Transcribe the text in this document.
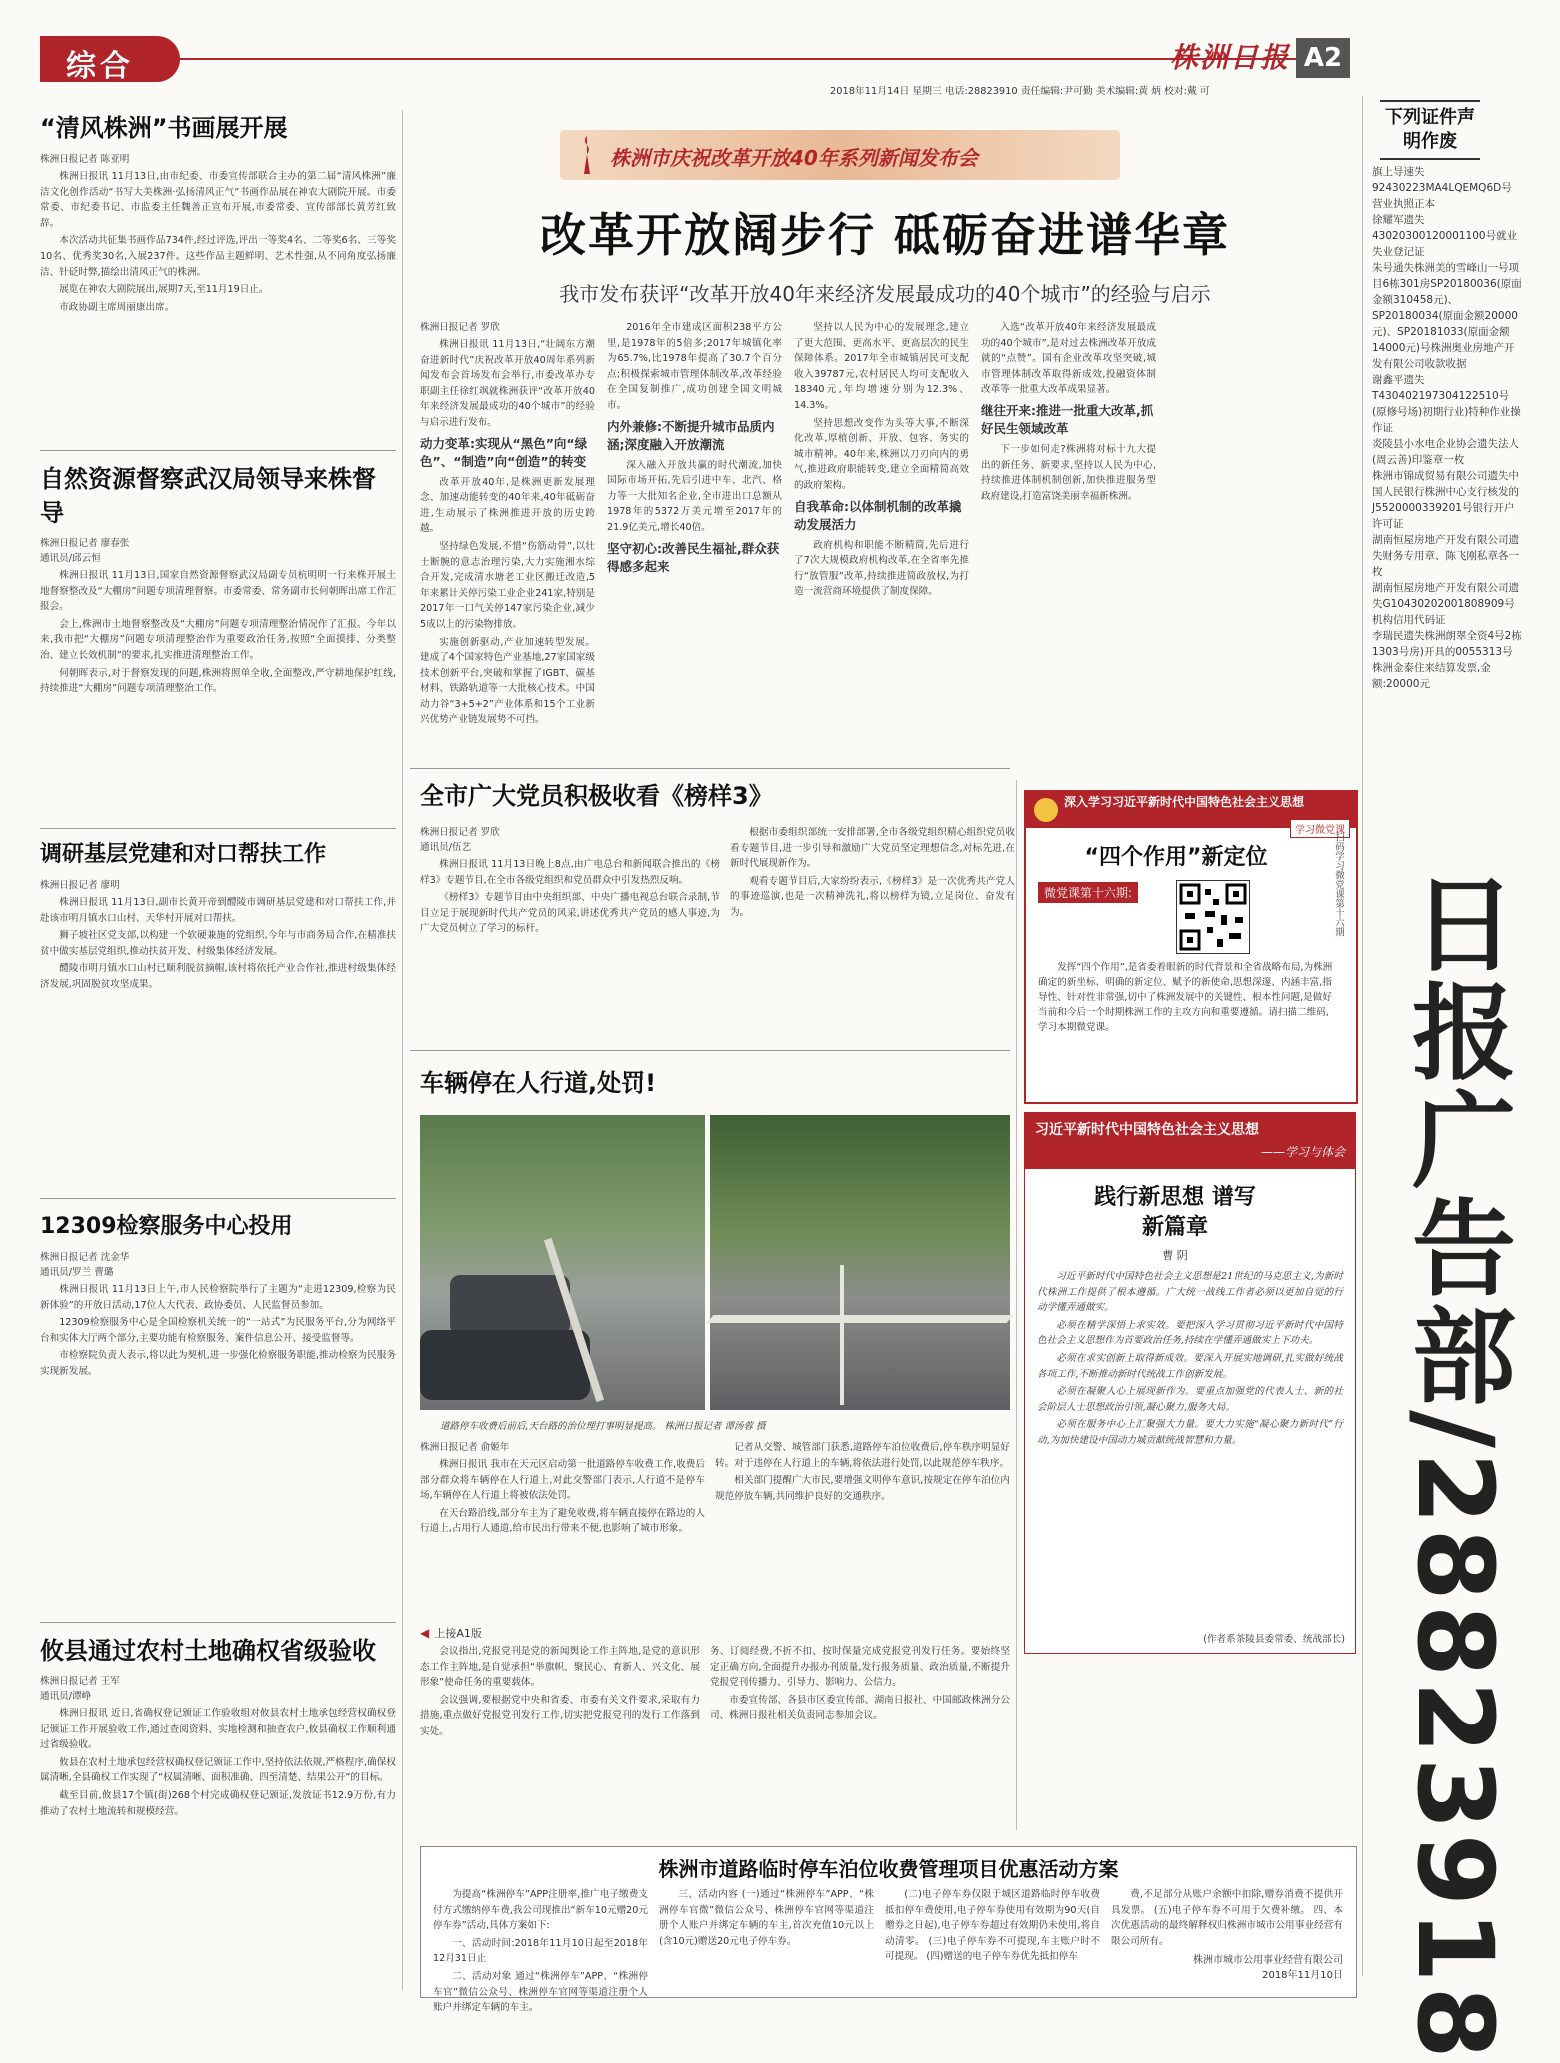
综合	株洲日报 A2
2018年11月14日 星期三 电话:28823910 责任编辑:尹可勤 美术编辑:黄 炳 校对:戴 可
“清风株洲”书画展开展

株洲日报记者 陈亚明

株洲日报讯 11月13日,由市纪委、市委宣传部联合主办的第二届“清风株洲”廉洁文化创作活动“书写大美株洲·弘扬清风正气”书画作品展在神农大剧院开展。市委常委、市纪委书记、市监委主任魏善正宣布开展,市委常委、宣传部部长黄芳红致辞。

本次活动共征集书画作品734件,经过评选,评出一等奖4名、二等奖6名、三等奖10名、优秀奖30名,入展237件。这些作品主题鲜明、艺术性强,从不同角度弘扬廉洁、针砭时弊,描绘出清风正气的株洲。

展览在神农大剧院展出,展期7天,至11月19日止。

市政协副主席周丽康出席。

自然资源督察武汉局领导来株督导

株洲日报记者 廖春张
通讯员/邱云恒

株洲日报讯 11月13日,国家自然资源督察武汉局副专员杭明明一行来株开展土地督察整改及“大棚房”问题专项清理督察。市委常委、常务副市长何朝晖出席工作汇报会。

会上,株洲市土地督察整改及“大棚房”问题专项清理整治情况作了汇报。今年以来,我市把“大棚房”问题专项清理整治作为重要政治任务,按照“全面摸排、分类整治、建立长效机制”的要求,扎实推进清理整治工作。

何朝晖表示,对于督察发现的问题,株洲将照单全收,全面整改,严守耕地保护红线,持续推进“大棚房”问题专项清理整治工作。

调研基层党建和对口帮扶工作

株洲日报记者 廖明

株洲日报讯 11月13日,副市长黄开帝到醴陵市调研基层党建和对口帮扶工作,并赴该市明月镇水口山村、天华村开展对口帮扶。

狮子坡社区党支部,以构建一个软硬兼施的党组织,今年与市商务局合作,在精准扶贫中做实基层党组织,推动扶贫开发、村级集体经济发展。

醴陵市明月镇水口山村已顺利脱贫摘帽,该村将依托产业合作社,推进村级集体经济发展,巩固脱贫攻坚成果。

12309检察服务中心投用

株洲日报记者 沈金华
通讯员/罗兰 曹璐

株洲日报讯 11月13日上午,市人民检察院举行了主题为“走进12309,检察为民新体验”的开放日活动,17位人大代表、政协委员、人民监督员参加。

12309检察服务中心是全国检察机关统一的“一站式”为民服务平台,分为网络平台和实体大厅两个部分,主要功能有检察服务、案件信息公开、接受监督等。

市检察院负责人表示,将以此为契机,进一步强化检察服务职能,推动检察为民服务实现新发展。

攸县通过农村土地确权省级验收

株洲日报记者 王军
通讯员/谭峥

株洲日报讯 近日,省确权登记颁证工作验收组对攸县农村土地承包经营权确权登记颁证工作开展验收工作,通过查阅资料、实地检测和抽查农户,攸县确权工作顺利通过省级验收。

攸县在农村土地承包经营权确权登记颁证工作中,坚持依法依规,严格程序,确保权属清晰,全县确权工作实现了“权属清晰、面积准确、四至清楚、结果公开”的目标。

截至目前,攸县17个镇(街)268个村完成确权登记颁证,发放证书12.9万份,有力推动了农村土地流转和规模经营。

株洲市庆祝改革开放40年系列新闻发布会
改革开放阔步行 砥砺奋进谱华章
我市发布获评“改革开放40年来经济发展最成功的40个城市”的经验与启示

株洲日报记者 罗欣

株洲日报讯 11月13日,“壮阔东方潮 奋进新时代”庆祝改革开放40周年系列新闻发布会首场发布会举行,市委改革办专职副主任徐红飒就株洲获评“改革开放40年来经济发展最成功的40个城市”的经验与启示进行发布。

动力变革:实现从“黑色”向“绿色”、“制造”向“创造”的转变

改革开放40年,是株洲更新发展理念、加速动能转变的40年来,40年砥砺奋进,生动展示了株洲推进开放的历史跨越。

坚持绿色发展,不惜“伤筋动骨”,以壮士断腕的意志治理污染,大力实施湘水综合开发,完成清水塘老工业区搬迁改造,5年来累计关停污染工业企业241家,特别是2017年一口气关停147家污染企业,减少5成以上的污染物排放。

实施创新驱动,产业加速转型发展。建成了4个国家特色产业基地,27家国家级技术创新平台,突破和掌握了IGBT、碳基材料、铁路轨道等一大批核心技术。中国动力谷“3+5+2”产业体系和15个工业新兴优势产业链发展势不可挡。

2016年全市建成区面积238平方公里,是1978年的5倍多;2017年城镇化率为65.7%,比1978年提高了30.7个百分点;积极探索城市管理体制改革,改革经验在全国复制推广,成功创建全国文明城市。

内外兼修:不断提升城市品质内涵;深度融入开放潮流

深入融入开放共赢的时代潮流,加快国际市场开拓,先后引进中车、北汽、格力等一大批知名企业,全市进出口总额从1978年的5372万美元增至2017年的21.9亿美元,增长40倍。

坚守初心:改善民生福祉,群众获得感多起来

坚持以人民为中心的发展理念,建立了更大范围、更高水平、更高层次的民生保障体系。2017年全市城镇居民可支配收入39787元,农村居民人均可支配收入18340元,年均增速分别为12.3%、14.3%。

坚持思想改变作为头等大事,不断深化改革,厚植创新、开放、包容、务实的城市精神。40年来,株洲以刀刃向内的勇气,推进政府职能转变,建立全面精简高效的政府架构。

自我革命:以体制机制的改革撬动发展活力

政府机构和职能不断精简,先后进行了7次大规模政府机构改革,在全省率先推行“放管服”改革,持续推进简政放权,为打造一流营商环境提供了制度保障。

入选“改革开放40年来经济发展最成功的40个城市”,是对过去株洲改革开放成就的“点赞”。国有企业改革攻坚突破,城市管理体制改革取得新成效,投融资体制改革等一批重大改革成果显著。

继往开来:推进一批重大改革,抓好民生领域改革

下一步如何走?株洲将对标十九大提出的新任务、新要求,坚持以人民为中心,持续推进体制机制创新,加快推进服务型政府建设,打造富饶美丽幸福新株洲。

全市广大党员积极收看《榜样3》

株洲日报记者 罗欣
通讯员/伍艺

株洲日报讯 11月13日晚上8点,由广电总台和新闻联合推出的《榜样3》专题节目,在全市各级党组织和党员群众中引发热烈反响。

《榜样3》专题节目由中央组织部、中央广播电视总台联合录制,节目立足于展现新时代共产党员的风采,讲述优秀共产党员的感人事迹,为广大党员树立了学习的标杆。

根据市委组织部统一安排部署,全市各级党组织精心组织党员收看专题节目,进一步引导和激励广大党员坚定理想信念,对标先进,在新时代展现新作为。

观看专题节目后,大家纷纷表示,《榜样3》是一次优秀共产党人的事迹巡演,也是一次精神洗礼,将以榜样为镜,立足岗位、奋发有为。

车辆停在人行道,处罚!
道路停车收费后前后,天台路的治位理打事明显提高。 株洲日报记者 谭汤蓉 摄

株洲日报记者 俞姬年

株洲日报讯 我市在天元区启动第一批道路停车收费工作,收费后部分群众将车辆停在人行道上,对此交警部门表示,人行道不是停车场,车辆停在人行道上将被依法处罚。

在天台路沿线,部分车主为了避免收费,将车辆直接停在路边的人行道上,占用行人通道,给市民出行带来不便,也影响了城市形象。

记者从交警、城管部门获悉,道路停车泊位收费后,停车秩序明显好转。对于违停在人行道上的车辆,将依法进行处罚,以此规范停车秩序。

相关部门提醒广大市民,要增强文明停车意识,按规定在停车泊位内规范停放车辆,共同维护良好的交通秩序。

◀ 上接A1版

会议指出,党报党刊是党的新闻舆论工作主阵地,是党的意识形态工作主阵地,是自觉承担“举旗帜、聚民心、育新人、兴文化、展形象”使命任务的重要载体。

会议强调,要根据党中央和省委、市委有关文件要求,采取有力措施,重点做好党报党刊发行工作,切实把党报党刊的发行工作落到实处。

务、订阅经费,不折不扣、按时保量完成党报党刊发行任务。要始终坚定正确方向,全面提升办报办刊质量,发行报务质量、政治质量,不断提升党报党刊传播力、引导力、影响力、公信力。

市委宣传部、各县市区委宣传部、湖南日报社、中国邮政株洲分公司、株洲日报社相关负责同志参加会议。

深入学习习近平新时代中国特色社会主义思想
学习微党课
“四个作用”新定位
微党课第十六期:
发挥“四个作用”,是省委着眼新的时代背景和全省战略布局,为株洲确定的新坐标、明确的新定位、赋予的新使命,思想深邃、内涵丰富,指导性、针对性非常强,切中了株洲发展中的关键性、根本性问题,是做好当前和今后一个时期株洲工作的主攻方向和重要遵循。请扫描二维码,学习本期微党课。
扫码学习微党课第十六期
习近平新时代中国特色社会主义思想
——学习与体会
践行新思想 谱写新篇章
曹 阴

习近平新时代中国特色社会主义思想是21世纪的马克思主义,为新时代株洲工作提供了根本遵循。广大统一战线工作者必须以更加自觉的行动学懂弄通做实。

必须在精学深悟上求实效。要把深入学习贯彻习近平新时代中国特色社会主义思想作为首要政治任务,持续在学懂弄通做实上下功夫。

必须在求实创新上取得新成效。要深入开展实地调研,扎实做好统战各项工作,不断推动新时代统战工作创新发展。

必须在凝聚人心上展现新作为。要重点加强党的代表人士、新的社会阶层人士思想政治引领,凝心聚力,服务大局。

必须在服务中心上汇聚强大力量。要大力实施“凝心聚力新时代”行动,为加快建设中国动力城贡献统战智慧和力量。

(作者系茶陵县委常委、统战部长)
株洲市道路临时停车泊位收费管理项目优惠活动方案

为提高“株洲停车”APP注册率,推广电子缴费支付方式缴纳停车费,我公司现推出“新车10元赠20元停车券”活动,具体方案如下:

一、活动时间:2018年11月10日起至2018年12月31日止

二、活动对象 通过“株洲停车”APP、“株洲停车官”微信公众号、株洲停车官网等渠道注册个人账户并绑定车辆的车主。

三、活动内容 (一)通过“株洲停车”APP、“株洲停车官微”微信公众号、株洲停车官网等渠道注册个人账户并绑定车辆的车主,首次充值10元以上(含10元)赠送20元电子停车券。

(二)电子停车券仅限于城区道路临时停车收费抵扣停车费使用,电子停车券使用有效期为90天(自赠券之日起),电子停车券超过有效期仍未使用,将自动清零。 (三)电子停车券不可提现,车主账户时不可提现。 (四)赠送的电子停车券优先抵扣停车

费,不足部分从账户余额中扣除,赠券消费不提供开具发票。 (五)电子停车券不可用于欠费补缴。 四、本次优惠活动的最终解释权归株洲市城市公用事业经营有限公司所有。

株洲市城市公用事业经营有限公司

2018年11月10日

下列证件声明作废
旗上导速失92430223MA4LQEMQ6D号营业执照正本
徐耀军遗失43020300120001100号就业失业登记证
朱号通失株洲美的雪峰山一号项目6栋301房SP20180036(原面金额310458元)、SP20180034(原面金额20000元)、SP20181033(原面金额14000元)号株洲奥业房地产开发有限公司收款收据
谢鑫平遗失T430402197304122510号(原修号场)初期行业)特种作业操作证
炎陵县小水电企业协会遗失法人(周云善)印鉴章一枚
株洲市锦成贸易有限公司遗失中国人民银行株洲中心支行核发的J5520000339201号银行开户许可证
湖南恒屋房地产开发有限公司遗失财务专用章、陈飞刚私章各一枚
湖南恒屋房地产开发有限公司遗失G10430202001808909号机构信用代码证
李瑞民遗失株洲朗翠全资4号2栋1303号房)开具的0055313号株洲金泰住来结算发票,金额:20000元
日报广告部/28823918
